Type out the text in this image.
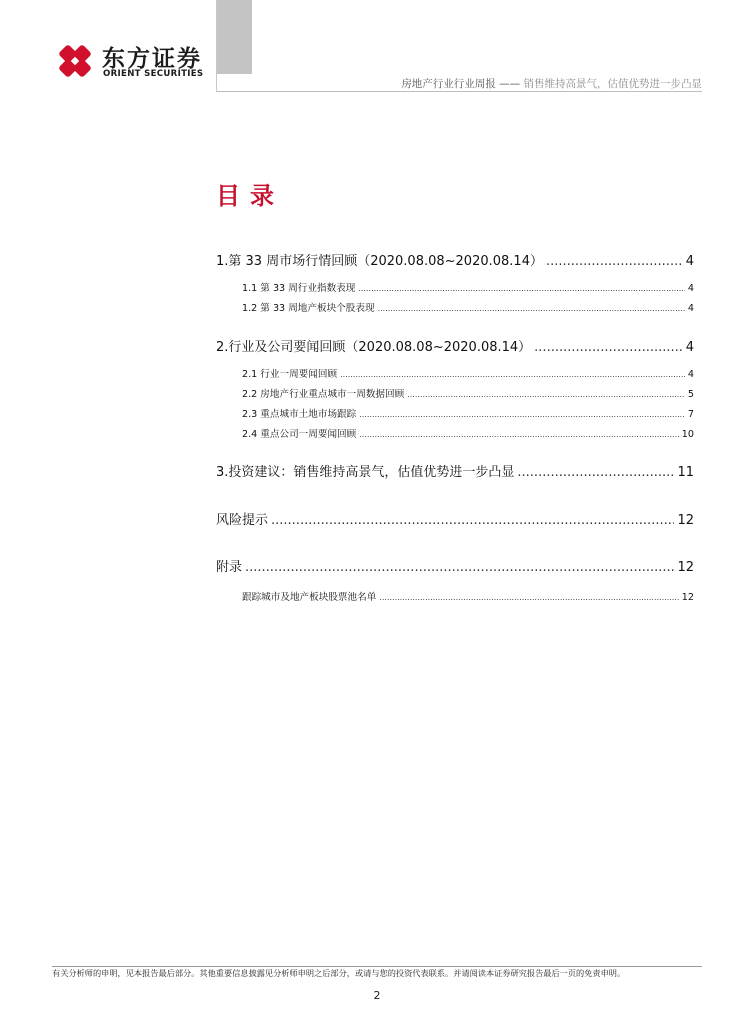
东方证券
ORIENT SECURITIES
房地产行业行业周报 —— 销售维持高景气，估值优势进一步凸显
目录
1.第 33 周市场行情回顾（2020.08.08~2020.08.14） .....	4
1.1 第 33 周行业指数表现 .....	4
1.2 第 33 周地产板块个股表现 .....	4
2.行业及公司要闻回顾（2020.08.08~2020.08.14） .....	4
2.1 行业一周要闻回顾 .....	4
2.2 房地产行业重点城市一周数据回顾 .....	5
2.3 重点城市土地市场跟踪 .....	7
2.4 重点公司一周要闻回顾 .....	10
3.投资建议：销售维持高景气，估值优势进一步凸显 .....	11
风险提示 .....	12
附录 .....	12
跟踪城市及地产板块股票池名单 .....	12
有关分析师的申明，见本报告最后部分。其他重要信息披露见分析师申明之后部分，或请与您的投资代表联系。并请阅读本证券研究报告最后一页的免责申明。
2
